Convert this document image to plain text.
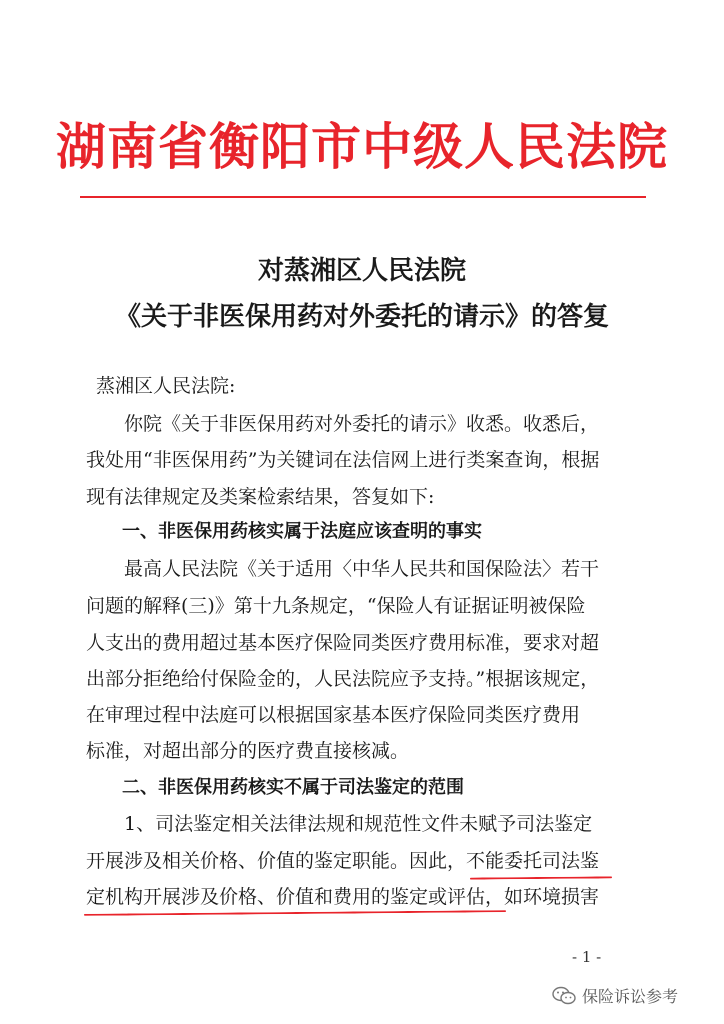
湖南省衡阳市中级人民法院
对蒸湘区人民法院
《关于非医保用药对外委托的请示》的答复
蒸湘区人民法院:
你院《关于非医保用药对外委托的请示》收悉。收悉后，
我处用“非医保用药”为关键词在法信网上进行类案查询，根据
现有法律规定及类案检索结果，答复如下:
一、非医保用药核实属于法庭应该查明的事实
最高人民法院《关于适用〈中华人民共和国保险法〉若干
问题的解释(三)》第十九条规定，“保险人有证据证明被保险
人支出的费用超过基本医疗保险同类医疗费用标准，要求对超
出部分拒绝给付保险金的，人民法院应予支持。”根据该规定，
在审理过程中法庭可以根据国家基本医疗保险同类医疗费用
标准，对超出部分的医疗费直接核减。
二、非医保用药核实不属于司法鉴定的范围
1、司法鉴定相关法律法规和规范性文件未赋予司法鉴定
开展涉及相关价格、价值的鉴定职能。因此，不能委托司法鉴
定机构开展涉及价格、价值和费用的鉴定或评估，如环境损害
- 1 -
保险诉讼参考
